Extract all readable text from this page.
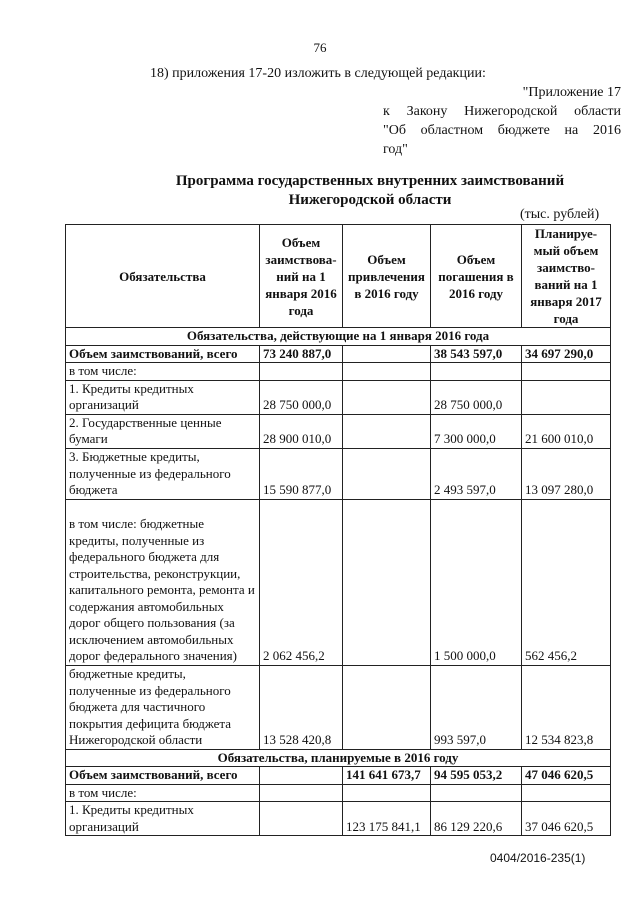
76
18) приложения 17-20 изложить в следующей редакции:
"Приложение 17
к Закону Нижегородской области
"Об областном бюджете на 2016
год"
Программа государственных внутренних заимствований
Нижегородской области
(тыс. рублей)
Обязательства	Объем заимствова-ний на 1 января 2016 года	Объем привлечения в 2016 году	Объем погашения в 2016 году	Планируе-мый объем заимство-ваний на 1 января 2017 года
Обязательства, действующие на 1 января 2016 года				
Объем заимствований, всего	73 240 887,0		38 543 597,0	34 697 290,0
в том числе:				
1. Кредиты кредитных организаций	28 750 000,0		28 750 000,0	
2. Государственные ценные бумаги	28 900 010,0		7 300 000,0	21 600 010,0
3. Бюджетные кредиты, полученные из федерального бюджета	15 590 877,0		2 493 597,0	13 097 280,0
в том числе: бюджетные кредиты, полученные из федерального бюджета для строительства, реконструкции, капитального ремонта, ремонта и содержания автомобильных дорог общего пользования (за исключением автомобильных дорог федерального значения)	2 062 456,2		1 500 000,0	562 456,2
бюджетные кредиты, полученные из федерального бюджета для частичного покрытия дефицита бюджета Нижегородской области	13 528 420,8		993 597,0	12 534 823,8
Обязательства, планируемые в 2016 году				
Объем заимствований, всего		141 641 673,7	94 595 053,2	47 046 620,5
в том числе:				
1. Кредиты кредитных организаций		123 175 841,1	86 129 220,6	37 046 620,5
0404/2016-235(1)
